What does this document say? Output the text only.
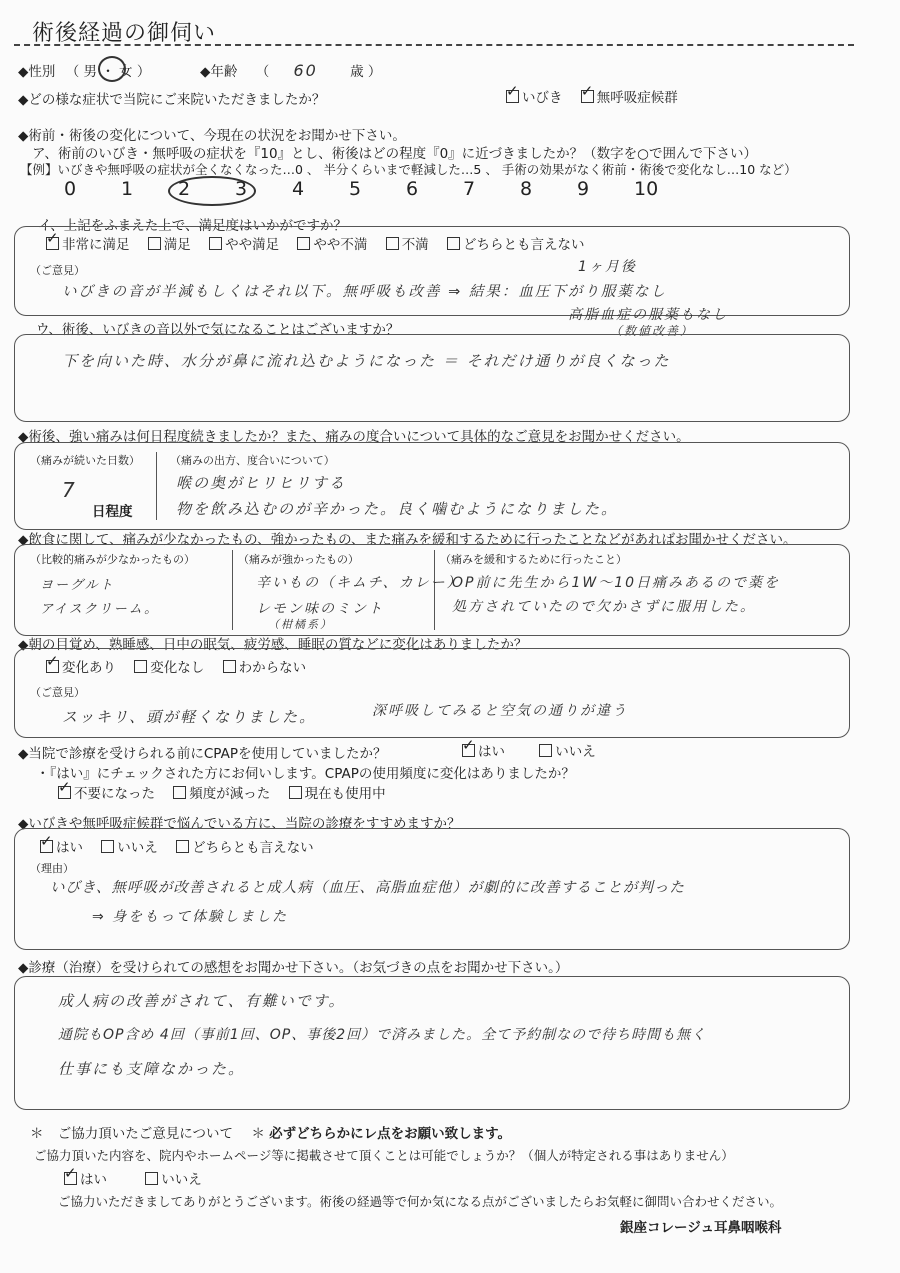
術後経過の御伺い
◆性別 （ 男 ・ 女 ）	◆年齢 （ 60 歳 ）
◆どの様な症状で当院にご来院いただきましたか？ ✓	いびき ✓	無呼吸症候群
◆術前・術後の変化について、今現在の状況をお聞かせ下さい。
ア、術前のいびき・無呼吸の症状を『10』とし、術後はどの程度『0』に近づきましたか？（数字を○で囲んで下さい）
【例】いびきや無呼吸の症状が全くなくなった…0 、 半分くらいまで軽減した…5 、 手術の効果がなく術前・術後で変化なし…10 など）
0 1 2 3 4 5 6 7 8 9 10
イ、上記をふまえた上で、満足度はいかがですか？
✓非常に満足	満足	やや満足	やや不満	不満	どちらとも言えない
（ご意見）	1ヶ月後
いびきの音が半減もしくはそれ以下。無呼吸も改善 ⇒ 結果：血圧下がり服薬なし
高脂血症の服薬もなし
（数値改善）
ウ、術後、いびきの音以外で気になることはございますか？
下を向いた時、水分が鼻に流れ込むようになった ＝ それだけ通りが良くなった
◆術後、強い痛みは何日程度続きましたか？また、痛みの度合いについて具体的なご意見をお聞かせください。
（痛みが続いた日数）
7
日程度
（痛みの出方、度合いについて）
喉の奥がヒリヒリする
物を飲み込むのが辛かった。良く噛むようになりました。
◆飲食に関して、痛みが少なかったもの、強かったもの、また痛みを緩和するために行ったことなどがあればお聞かせください。
（比較的痛みが少なかったもの）
ヨーグルト
アイスクリーム。
（痛みが強かったもの）
辛いもの（キムチ、カレー）
レモン味のミント
（柑橘系）
（痛みを緩和するために行ったこと）
OP前に先生から1W〜10日痛みあるので薬を
処方されていたので欠かさずに服用した。
◆朝の目覚め、熟睡感、日中の眠気、疲労感、睡眠の質などに変化はありましたか？
✓変化あり	変化なし	わからない
（ご意見）
スッキリ、頭が軽くなりました。	深呼吸してみると空気の通りが違う
◆当院で診療を受けられる前にCPAPを使用していましたか？ ✓	はい	いいえ
・『はい』にチェックされた方にお伺いします。CPAPの使用頻度に変化はありましたか？
✓不要になった	頻度が減った	現在も使用中
◆いびきや無呼吸症候群で悩んでいる方に、当院の診療をすすめますか？
✓はい	いいえ	どちらとも言えない
（理由）
いびき、無呼吸が改善されると成人病（血圧、高脂血症他）が劇的に改善することが判った
⇒ 身をもって体験しました
◆診療（治療）を受けられての感想をお聞かせ下さい。（お気づきの点をお聞かせ下さい。）
成人病の改善がされて、有難いです。
通院もOP含め 4回（事前1回、OP、事後2回）で済みました。全て予約制なので待ち時間も無く
仕事にも支障なかった。
＊ ご協力頂いたご意見について ＊ 必ずどちらかにレ点をお願い致します。
ご協力頂いた内容を、院内やホームページ等に掲載させて頂くことは可能でしょうか？（個人が特定される事はありません）
✓はい	いいえ
ご協力いただきましてありがとうございます。術後の経過等で何か気になる点がございましたらお気軽に御問い合わせください。
銀座コレージュ耳鼻咽喉科
